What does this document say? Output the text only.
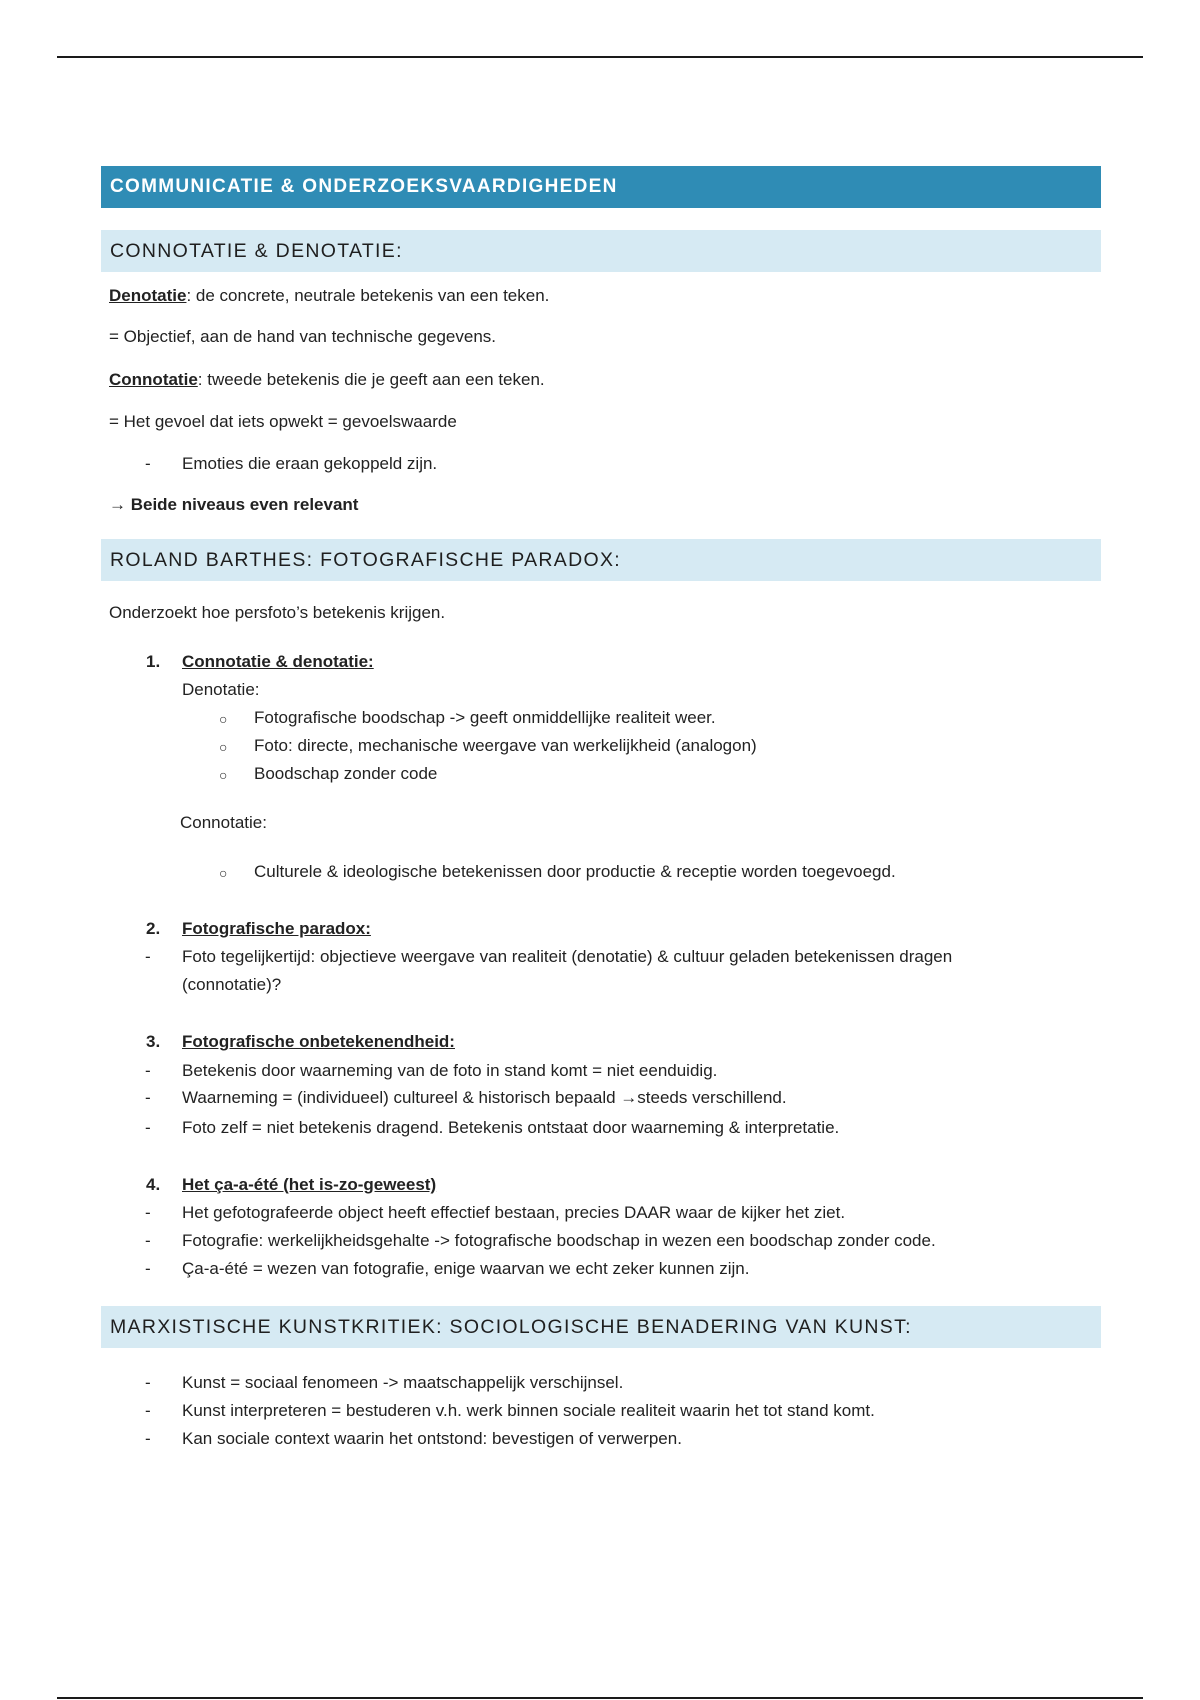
COMMUNICATIE & ONDERZOEKSVAARDIGHEDEN
CONNOTATIE & DENOTATIE:
Denotatie: de concrete, neutrale betekenis van een teken.
= Objectief, aan de hand van technische gegevens.
Connotatie: tweede betekenis die je geeft aan een teken.
= Het gevoel dat iets opwekt = gevoelswaarde
- Emoties die eraan gekoppeld zijn.
→ Beide niveaus even relevant
ROLAND BARTHES: FOTOGRAFISCHE PARADOX:
Onderzoekt hoe persfoto’s betekenis krijgen.
1. Connotatie & denotatie:
Denotatie:
○ Fotografische boodschap -> geeft onmiddellijke realiteit weer.
○ Foto: directe, mechanische weergave van werkelijkheid (analogon)
○ Boodschap zonder code
Connotatie:
○ Culturele & ideologische betekenissen door productie & receptie worden toegevoegd.
2. Fotografische paradox:
- Foto tegelijkertijd: objectieve weergave van realiteit (denotatie) & cultuur geladen betekenissen dragen
(connotatie)?
3. Fotografische onbetekenendheid:
- Betekenis door waarneming van de foto in stand komt = niet eenduidig.
- Waarneming = (individueel) cultureel & historisch bepaald →steeds verschillend.
- Foto zelf = niet betekenis dragend. Betekenis ontstaat door waarneming & interpretatie.
4. Het ça-a-été (het is-zo-geweest)
- Het gefotografeerde object heeft effectief bestaan, precies DAAR waar de kijker het ziet.
- Fotografie: werkelijkheidsgehalte -> fotografische boodschap in wezen een boodschap zonder code.
- Ça-a-été = wezen van fotografie, enige waarvan we echt zeker kunnen zijn.
MARXISTISCHE KUNSTKRITIEK: SOCIOLOGISCHE BENADERING VAN KUNST:
- Kunst = sociaal fenomeen -> maatschappelijk verschijnsel.
- Kunst interpreteren = bestuderen v.h. werk binnen sociale realiteit waarin het tot stand komt.
- Kan sociale context waarin het ontstond: bevestigen of verwerpen.
